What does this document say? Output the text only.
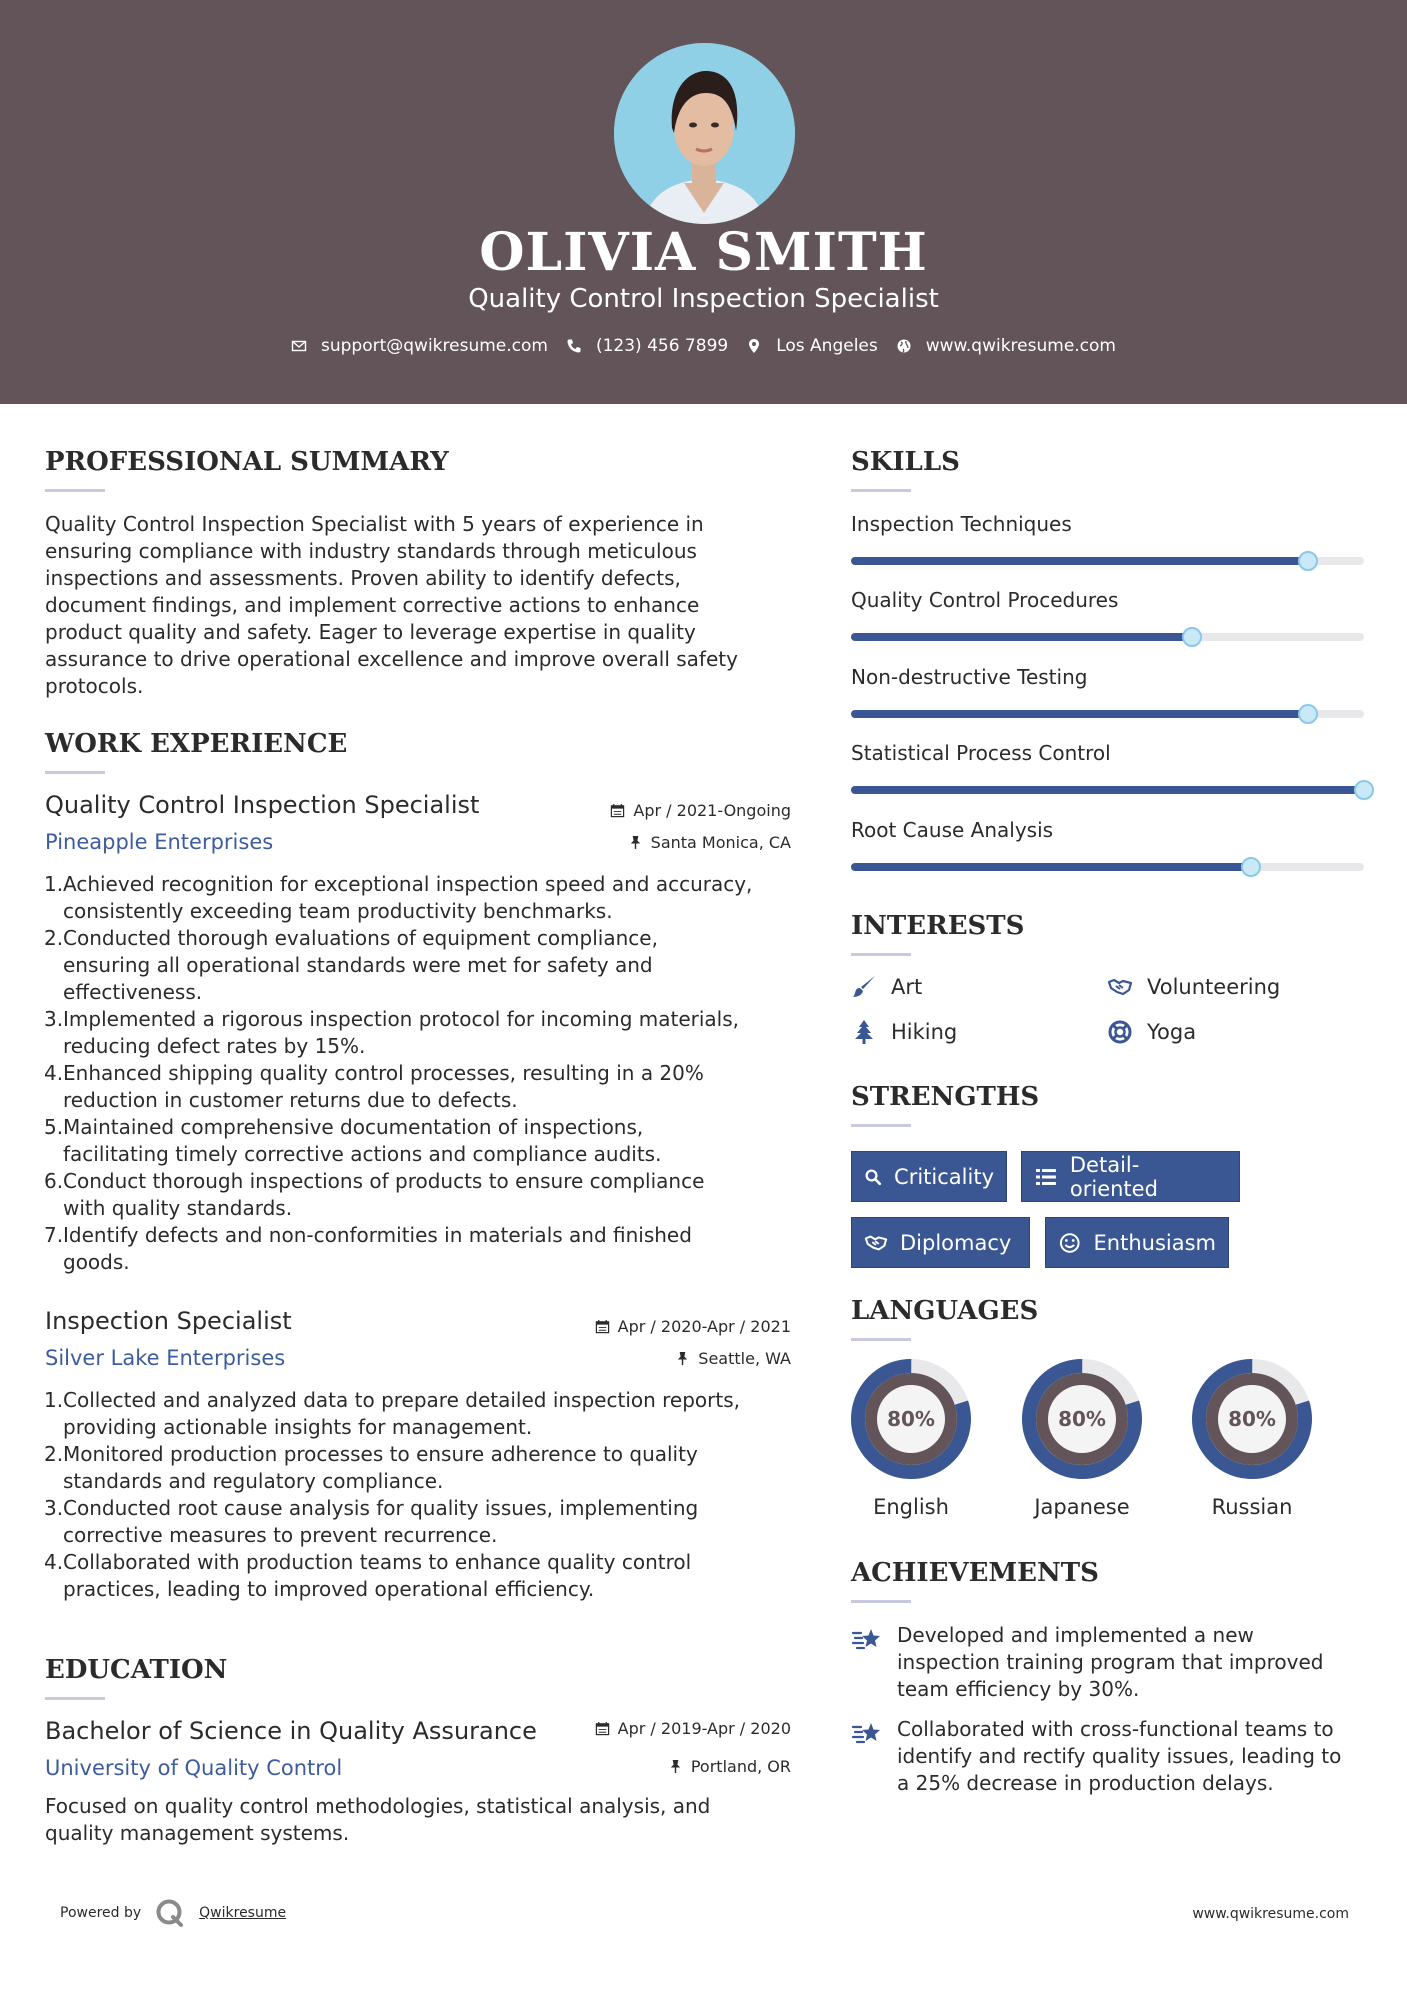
OLIVIA SMITH
Quality Control Inspection Specialist
support@qwikresume.com	(123) 456 7899	Los Angeles	www.qwikresume.com
PROFESSIONAL SUMMARY
Quality Control Inspection Specialist with 5 years of experience in
ensuring compliance with industry standards through meticulous
inspections and assessments. Proven ability to identify defects,
document findings, and implement corrective actions to enhance
product quality and safety. Eager to leverage expertise in quality
assurance to drive operational excellence and improve overall safety
protocols.
WORK EXPERIENCE
Quality Control Inspection Specialist	Apr / 2021-Ongoing
Pineapple Enterprises	Santa Monica, CA
1. Achieved recognition for exceptional inspection speed and accuracy,
consistently exceeding team productivity benchmarks.
2. Conducted thorough evaluations of equipment compliance,
ensuring all operational standards were met for safety and
effectiveness.
3. Implemented a rigorous inspection protocol for incoming materials,
reducing defect rates by 15%.
4. Enhanced shipping quality control processes, resulting in a 20%
reduction in customer returns due to defects.
5. Maintained comprehensive documentation of inspections,
facilitating timely corrective actions and compliance audits.
6. Conduct thorough inspections of products to ensure compliance
with quality standards.
7. Identify defects and non-conformities in materials and finished
goods.
Inspection Specialist	Apr / 2020-Apr / 2021
Silver Lake Enterprises	Seattle, WA
1. Collected and analyzed data to prepare detailed inspection reports,
providing actionable insights for management.
2. Monitored production processes to ensure adherence to quality
standards and regulatory compliance.
3. Conducted root cause analysis for quality issues, implementing
corrective measures to prevent recurrence.
4. Collaborated with production teams to enhance quality control
practices, leading to improved operational efficiency.
EDUCATION
Bachelor of Science in Quality Assurance	Apr / 2019-Apr / 2020
University of Quality Control	Portland, OR
Focused on quality control methodologies, statistical analysis, and
quality management systems.
SKILLS
Inspection Techniques
Quality Control Procedures
Non-destructive Testing
Statistical Process Control
Root Cause Analysis
INTERESTS
Art	Volunteering
Hiking	Yoga
STRENGTHS
Criticality	Detail-oriented
Diplomacy	Enthusiasm
LANGUAGES
80%
English
80%
Japanese
80%
Russian
ACHIEVEMENTS
Developed and implemented a new
inspection training program that improved
team efficiency by 30%.
Collaborated with cross-functional teams to
identify and rectify quality issues, leading to
a 25% decrease in production delays.
Powered by	Qwikresume	www.qwikresume.com
